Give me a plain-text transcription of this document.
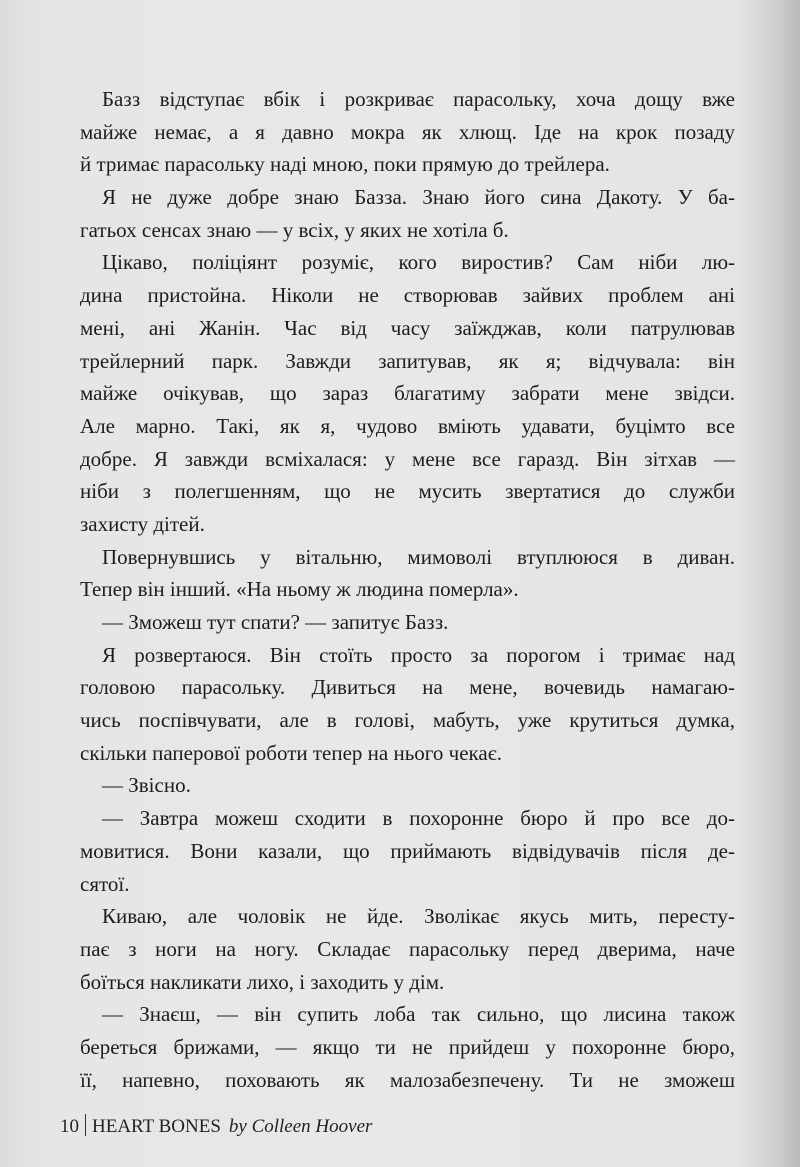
Базз відступає вбік і розкриває парасольку, хоча дощу вже
майже немає, а я давно мокра як хлющ. Іде на крок позаду
й тримає парасольку наді мною, поки прямую до трейлера.
Я не дуже добре знаю Базза. Знаю його сина Дакоту. У ба-
гатьох сенсах знаю — у всіх, у яких не хотіла б.
Цікаво, поліціянт розуміє, кого виростив? Сам ніби лю-
дина пристойна. Ніколи не створював зайвих проблем ані
мені, ані Жанін. Час від часу заїжджав, коли патрулював
трейлерний парк. Завжди запитував, як я; відчувала: він
майже очікував, що зараз благатиму забрати мене звідси.
Але марно. Такі, як я, чудово вміють удавати, буцімто все
добре. Я завжди всміхалася: у мене все гаразд. Він зітхав —
ніби з полегшенням, що не мусить звертатися до служби
захисту дітей.
Повернувшись у вітальню, мимоволі втуплююся в диван.
Тепер він інший. «На ньому ж людина померла».
— Зможеш тут спати? — запитує Базз.
Я розвертаюся. Він стоїть просто за порогом і тримає над
головою парасольку. Дивиться на мене, вочевидь намагаю-
чись поспівчувати, але в голові, мабуть, уже крутиться думка,
скільки паперової роботи тепер на нього чекає.
— Звісно.
— Завтра можеш сходити в похоронне бюро й про все до-
мовитися. Вони казали, що приймають відвідувачів після де-
сятої.
Киваю, але чоловік не йде. Зволікає якусь мить, пересту-
пає з ноги на ногу. Складає парасольку перед дверима, наче
боїться накликати лихо, і заходить у дім.
— Знаєш, — він супить лоба так сильно, що лисина також
береться брижами, — якщо ти не прийдеш у похоронне бюро,
її, напевно, поховають як малозабезпечену. Ти не зможеш
10 HEART BONES by Colleen Hoover
